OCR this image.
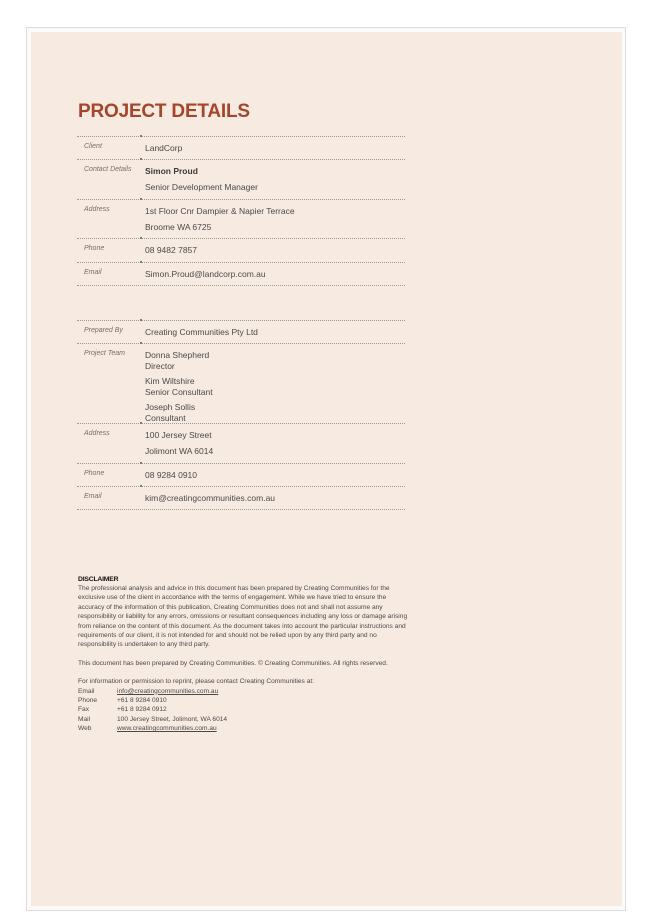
PROJECT DETAILS
Client	LandCorp
Contact Details	Simon Proud
Senior Development Manager
Address	1st Floor Cnr Dampier & Napier Terrace
Broome WA 6725
Phone	08 9482 7857
Email	Simon.Proud@landcorp.com.au
Prepared By	Creating Communities Pty Ltd
Project Team	Donna Shepherd
Director
Kim Wiltshire
Senior Consultant
Joseph Sollis
Consultant
Address	100 Jersey Street
Jolimont WA 6014
Phone	08 9284 0910
Email	kim@creatingcommunities.com.au
DISCLAIMER

The professional analysis and advice in this document has been prepared by Creating Communities for the exclusive use of the client in accordance with the terms of engagement. While we have tried to ensure the accuracy of the information of this publication, Creating Communities does not and shall not assume any responsibility or liability for any errors, omissions or resultant consequences including any loss or damage arising from reliance on the content of this document. As the document takes into account the particular instructions and requirements of our client, it is not intended for and should not be relied upon by any third party and no responsibility is undertaken to any third party.

This document has been prepared by Creating Communities. © Creating Communities. All rights reserved.

For information or permission to reprint, please contact Creating Communities at:
Email	info@creatingcommunities.com.au
Phone	+61 8 9284 0910
Fax	+61 8 9284 0912
Mail	100 Jersey Street, Jolimont, WA 6014
Web	www.creatingcommunities.com.au
